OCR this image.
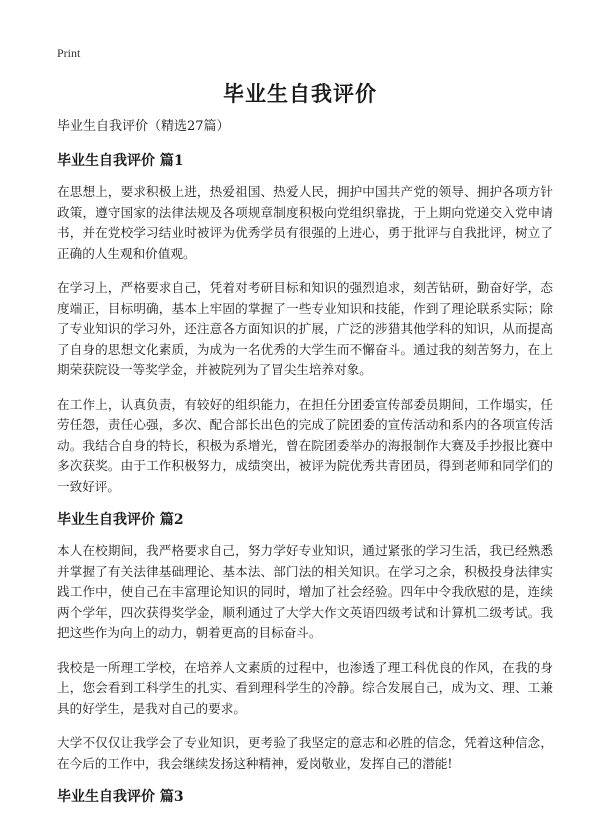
Print

毕业生自我评价

毕业生自我评价（精选27篇）

毕业生自我评价 篇1

在思想上，要求积极上进，热爱祖国、热爱人民，拥护中国共产党的领导、拥护各项方针政策，遵守国家的法律法规及各项规章制度积极向党组织靠拢，于上期向党递交入党申请书，并在党校学习结业时被评为优秀学员有很强的上进心，勇于批评与自我批评，树立了正确的人生观和价值观。

在学习上，严格要求自己，凭着对考研目标和知识的强烈追求，刻苦钻研，勤奋好学，态度端正，目标明确，基本上牢固的掌握了一些专业知识和技能，作到了理论联系实际；除了专业知识的学习外，还注意各方面知识的扩展，广泛的涉猎其他学科的知识，从而提高了自身的思想文化素质，为成为一名优秀的大学生而不懈奋斗。通过我的刻苦努力，在上期荣获院设一等奖学金，并被院列为了冒尖生培养对象。

在工作上，认真负责，有较好的组织能力，在担任分团委宣传部委员期间，工作塌实，任劳任怨，责任心强，多次、配合部长出色的完成了院团委的宣传活动和系内的各项宣传活动。我结合自身的特长，积极为系增光，曾在院团委举办的海报制作大赛及手抄报比赛中多次获奖。由于工作积极努力，成绩突出，被评为院优秀共青团员，得到老师和同学们的一致好评。

毕业生自我评价 篇2

本人在校期间，我严格要求自己，努力学好专业知识，通过紧张的学习生活，我已经熟悉并掌握了有关法律基础理论、基本法、部门法的相关知识。在学习之余，积极投身法律实践工作中，使自己在丰富理论知识的同时，增加了社会经验。四年中令我欣慰的是，连续两个学年，四次获得奖学金，顺利通过了大学大作文英语四级考试和计算机二级考试。我把这些作为向上的动力，朝着更高的目标奋斗。

我校是一所理工学校，在培养人文素质的过程中，也渗透了理工科优良的作风，在我的身上，您会看到工科学生的扎实、看到理科学生的冷静。综合发展自己，成为文、理、工兼具的好学生，是我对自己的要求。

大学不仅仅让我学会了专业知识，更考验了我坚定的意志和必胜的信念，凭着这种信念，在今后的工作中，我会继续发扬这种精神，爱岗敬业，发挥自己的潜能!

毕业生自我评价 篇3
